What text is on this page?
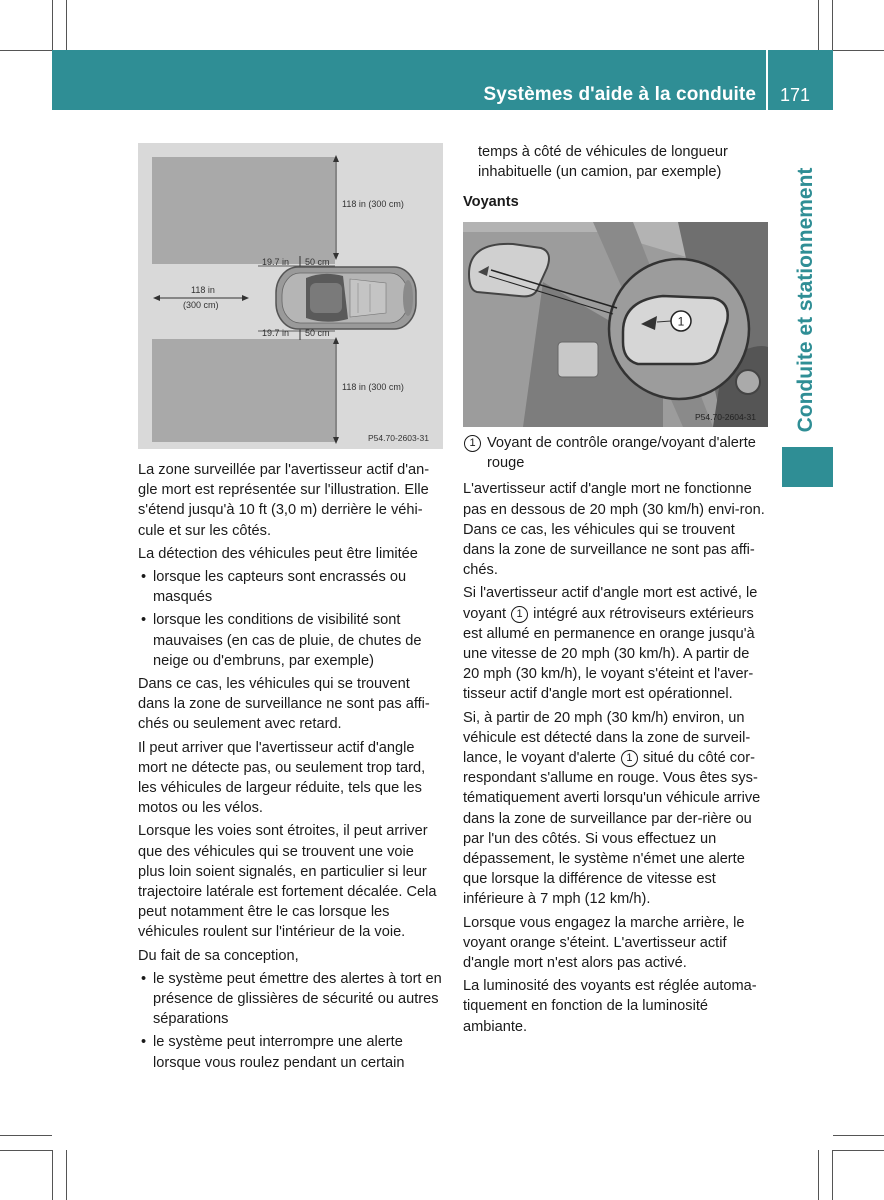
Systèmes d'aide à la conduite	171
Conduite et stationnement
118 in (300 cm)
19.7 in 50 cm
118 in
(300 cm)
19.7 in 50 cm
118 in (300 cm)
P54.70-2603-31

La zone surveillée par l'avertisseur actif d'an-gle mort est représentée sur l'illustration. Elle s'étend jusqu'à 10 ft (3,0 m) derrière le véhi-cule et sur les côtés.

La détection des véhicules peut être limitée

• lorsque les capteurs sont encrassés ou masqués

• lorsque les conditions de visibilité sont mauvaises (en cas de pluie, de chutes de neige ou d'embruns, par exemple)

Dans ce cas, les véhicules qui se trouvent dans la zone de surveillance ne sont pas affi-chés ou seulement avec retard.

Il peut arriver que l'avertisseur actif d'angle mort ne détecte pas, ou seulement trop tard, les véhicules de largeur réduite, tels que les motos ou les vélos.

Lorsque les voies sont étroites, il peut arriver que des véhicules qui se trouvent une voie plus loin soient signalés, en particulier si leur trajectoire latérale est fortement décalée. Cela peut notamment être le cas lorsque les véhicules roulent sur l'intérieur de la voie.

Du fait de sa conception,

• le système peut émettre des alertes à tort en présence de glissières de sécurité ou autres séparations

• le système peut interrompre une alerte lorsque vous roulez pendant un certain

temps à côté de véhicules de longueur inhabituelle (un camion, par exemple)

Voyants

1
P54.70-2604-31

1 Voyant de contrôle orange/voyant d'alerte rouge

L'avertisseur actif d'angle mort ne fonctionne pas en dessous de 20 mph (30 km/h) envi-ron. Dans ce cas, les véhicules qui se trouvent dans la zone de surveillance ne sont pas affi-chés.

Si l'avertisseur actif d'angle mort est activé, le voyant 1 intégré aux rétroviseurs extérieurs est allumé en permanence en orange jusqu'à une vitesse de 20 mph (30 km/h). A partir de 20 mph (30 km/h), le voyant s'éteint et l'aver-tisseur actif d'angle mort est opérationnel.

Si, à partir de 20 mph (30 km/h) environ, un véhicule est détecté dans la zone de surveil-lance, le voyant d'alerte 1 situé du côté cor-respondant s'allume en rouge. Vous êtes sys-tématiquement averti lorsqu'un véhicule arrive dans la zone de surveillance par der-rière ou par l'un des côtés. Si vous effectuez un dépassement, le système n'émet une alerte que lorsque la différence de vitesse est inférieure à 7 mph (12 km/h).

Lorsque vous engagez la marche arrière, le voyant orange s'éteint. L'avertisseur actif d'angle mort n'est alors pas activé.

La luminosité des voyants est réglée automa-tiquement en fonction de la luminosité ambiante.
